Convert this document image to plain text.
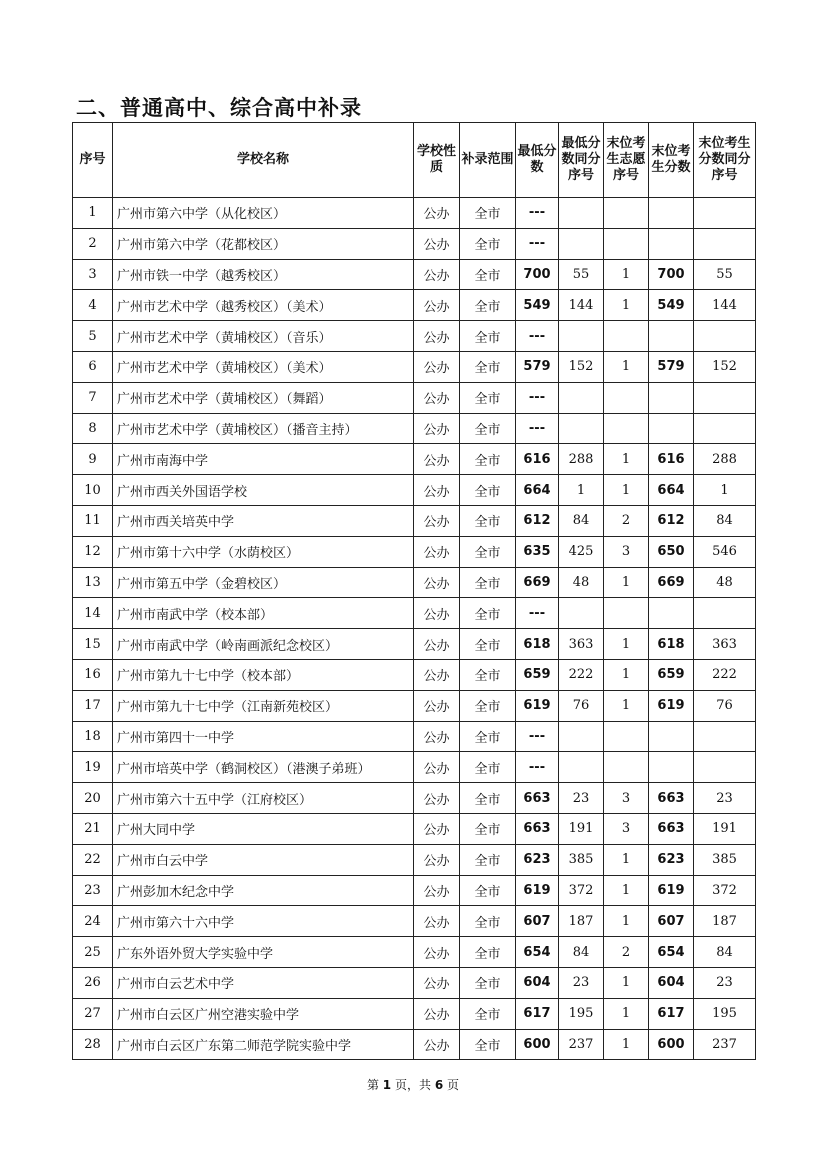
二、普通高中、综合高中补录
序号	学校名称	学校性质	补录范围	最低分数	最低分数同分序号	末位考生志愿序号	末位考生分数	末位考生分数同分序号
1	广州市第六中学（从化校区）	公办	全市	---				
2	广州市第六中学（花都校区）	公办	全市	---				
3	广州市铁一中学（越秀校区）	公办	全市	700	55	1	700	55
4	广州市艺术中学（越秀校区）（美术）	公办	全市	549	144	1	549	144
5	广州市艺术中学（黄埔校区）（音乐）	公办	全市	---				
6	广州市艺术中学（黄埔校区）（美术）	公办	全市	579	152	1	579	152
7	广州市艺术中学（黄埔校区）（舞蹈）	公办	全市	---				
8	广州市艺术中学（黄埔校区）（播音主持）	公办	全市	---				
9	广州市南海中学	公办	全市	616	288	1	616	288
10	广州市西关外国语学校	公办	全市	664	1	1	664	1
11	广州市西关培英中学	公办	全市	612	84	2	612	84
12	广州市第十六中学（水荫校区）	公办	全市	635	425	3	650	546
13	广州市第五中学（金碧校区）	公办	全市	669	48	1	669	48
14	广州市南武中学（校本部）	公办	全市	---				
15	广州市南武中学（岭南画派纪念校区）	公办	全市	618	363	1	618	363
16	广州市第九十七中学（校本部）	公办	全市	659	222	1	659	222
17	广州市第九十七中学（江南新苑校区）	公办	全市	619	76	1	619	76
18	广州市第四十一中学	公办	全市	---				
19	广州市培英中学（鹤洞校区）（港澳子弟班）	公办	全市	---				
20	广州市第六十五中学（江府校区）	公办	全市	663	23	3	663	23
21	广州大同中学	公办	全市	663	191	3	663	191
22	广州市白云中学	公办	全市	623	385	1	623	385
23	广州彭加木纪念中学	公办	全市	619	372	1	619	372
24	广州市第六十六中学	公办	全市	607	187	1	607	187
25	广东外语外贸大学实验中学	公办	全市	654	84	2	654	84
26	广州市白云艺术中学	公办	全市	604	23	1	604	23
27	广州市白云区广州空港实验中学	公办	全市	617	195	1	617	195
28	广州市白云区广东第二师范学院实验中学	公办	全市	600	237	1	600	237
第 1 页，共 6 页
